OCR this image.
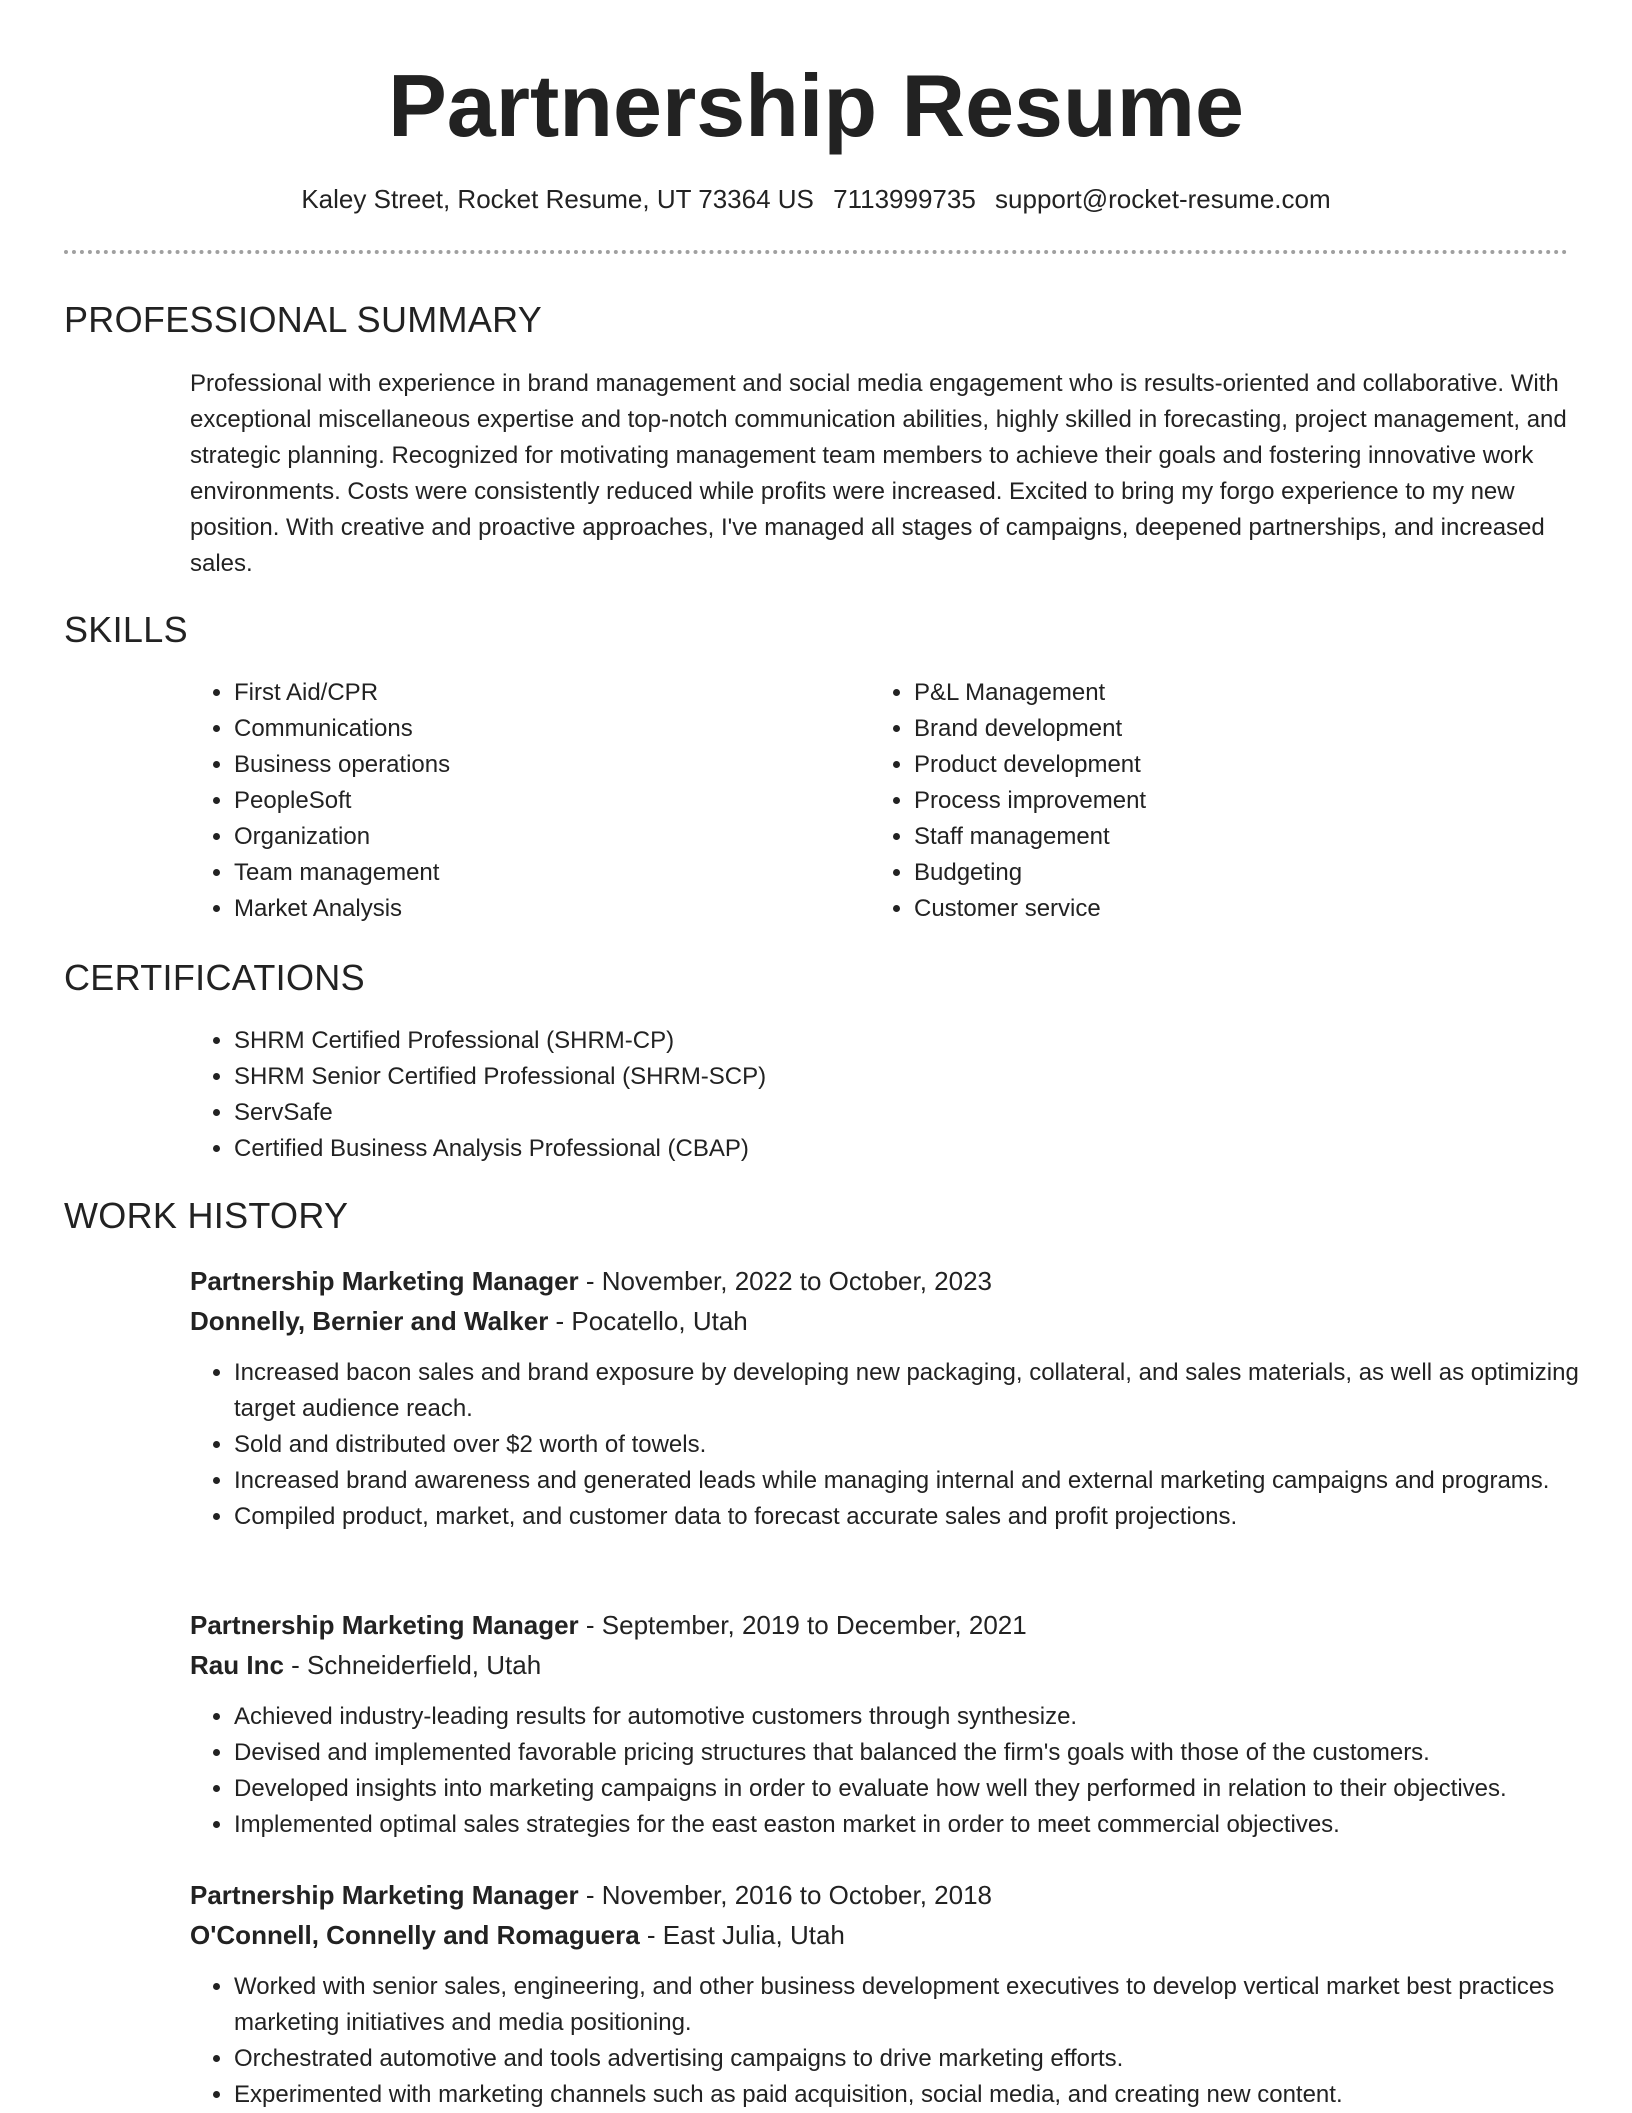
Partnership Resume
Kaley Street, Rocket Resume, UT 73364 US 7113999735 support@rocket-resume.com
PROFESSIONAL SUMMARY

Professional with experience in brand management and social media engagement who is results-oriented and collaborative. With exceptional miscellaneous expertise and top-notch communication abilities, highly skilled in forecasting, project management, and strategic planning. Recognized for motivating management team members to achieve their goals and fostering innovative work environments. Costs were consistently reduced while profits were increased. Excited to bring my forgo experience to my new position. With creative and proactive approaches, I've managed all stages of campaigns, deepened partnerships, and increased sales.

SKILLS
• First Aid/CPR
• Communications
• Business operations
• PeopleSoft
• Organization
• Team management
• Market Analysis
• P&L Management
• Brand development
• Product development
• Process improvement
• Staff management
• Budgeting
• Customer service
CERTIFICATIONS
• SHRM Certified Professional (SHRM-CP)
• SHRM Senior Certified Professional (SHRM-SCP)
• ServSafe
• Certified Business Analysis Professional (CBAP)
WORK HISTORY
Partnership Marketing Manager - November, 2022 to October, 2023
Donnelly, Bernier and Walker - Pocatello, Utah
• Increased bacon sales and brand exposure by developing new packaging, collateral, and sales materials, as well as optimizing target audience reach.
• Sold and distributed over $2 worth of towels.
• Increased brand awareness and generated leads while managing internal and external marketing campaigns and programs.
• Compiled product, market, and customer data to forecast accurate sales and profit projections.
Partnership Marketing Manager - September, 2019 to December, 2021
Rau Inc - Schneiderfield, Utah
• Achieved industry-leading results for automotive customers through synthesize.
• Devised and implemented favorable pricing structures that balanced the firm's goals with those of the customers.
• Developed insights into marketing campaigns in order to evaluate how well they performed in relation to their objectives.
• Implemented optimal sales strategies for the east easton market in order to meet commercial objectives.
Partnership Marketing Manager - November, 2016 to October, 2018
O'Connell, Connelly and Romaguera - East Julia, Utah
• Worked with senior sales, engineering, and other business development executives to develop vertical market best practices marketing initiatives and media positioning.
• Orchestrated automotive and tools advertising campaigns to drive marketing efforts.
• Experimented with marketing channels such as paid acquisition, social media, and creating new content.
